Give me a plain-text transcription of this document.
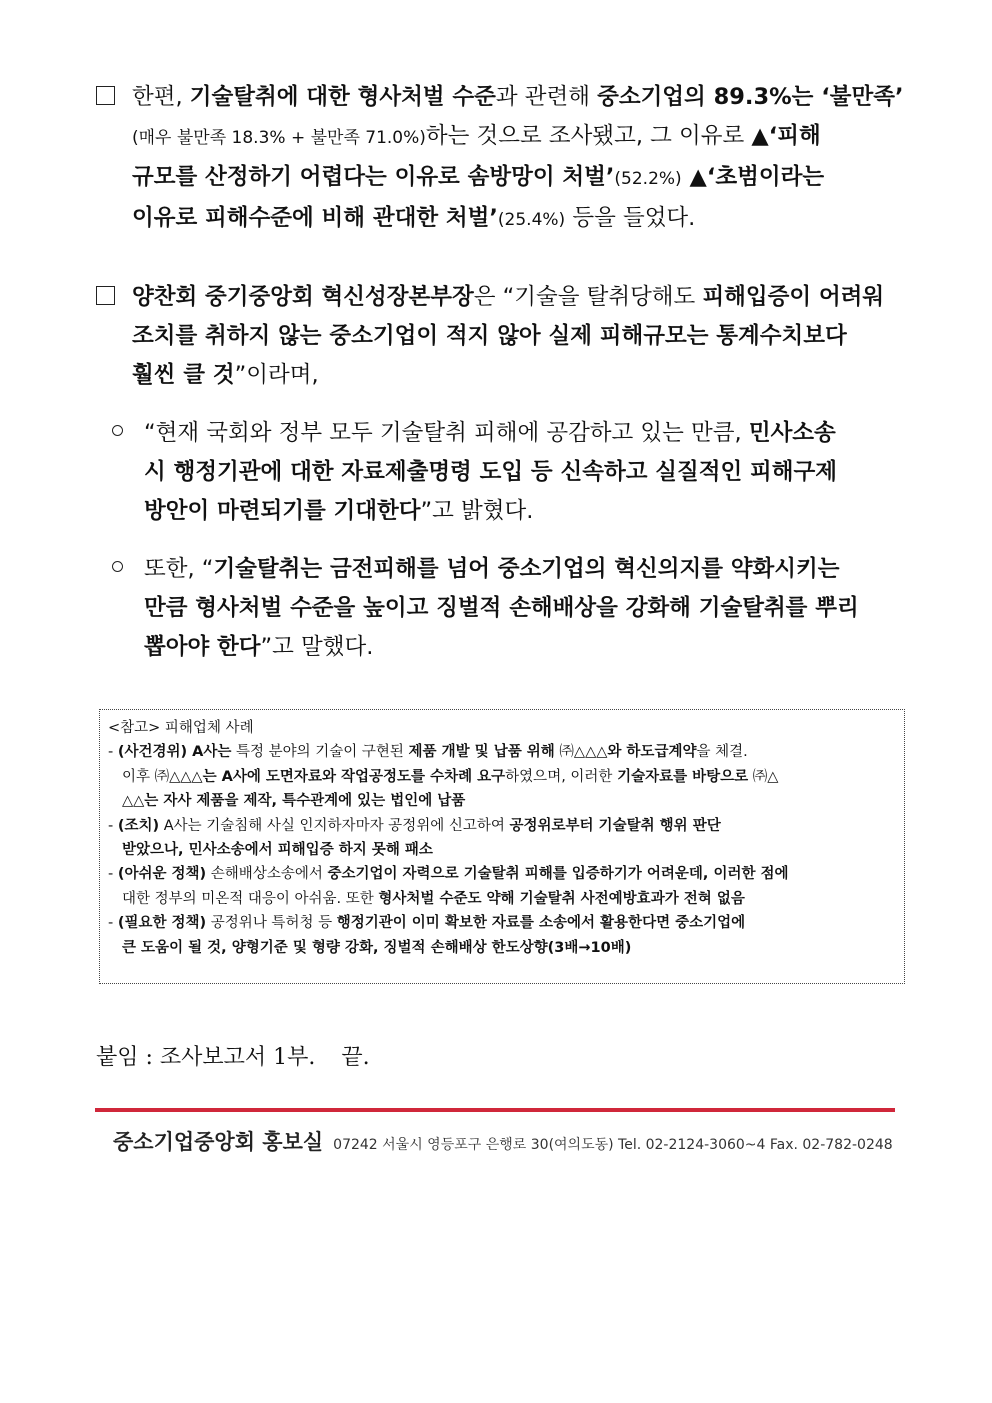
한편, 기술탈취에 대한 형사처벌 수준과 관련해 중소기업의 89.3%는 ‘불만족’
(매우 불만족 18.3% + 불만족 71.0%)하는 것으로 조사됐고, 그 이유로 ▲‘피해
규모를 산정하기 어렵다는 이유로 솜방망이 처벌’(52.2%) ▲‘초범이라는
이유로 피해수준에 비해 관대한 처벌’(25.4%) 등을 들었다.
양찬회 중기중앙회 혁신성장본부장은 “기술을 탈취당해도 피해입증이 어려워
조치를 취하지 않는 중소기업이 적지 않아 실제 피해규모는 통계수치보다
훨씬 클 것”이라며,
“현재 국회와 정부 모두 기술탈취 피해에 공감하고 있는 만큼, 민사소송
시 행정기관에 대한 자료제출명령 도입 등 신속하고 실질적인 피해구제
방안이 마련되기를 기대한다”고 밝혔다.
또한, “기술탈취는 금전피해를 넘어 중소기업의 혁신의지를 약화시키는
만큼 형사처벌 수준을 높이고 징벌적 손해배상을 강화해 기술탈취를 뿌리
뽑아야 한다”고 말했다.
<참고> 피해업체 사례
- (사건경위) A사는 특정 분야의 기술이 구현된 제품 개발 및 납품 위해 ㈜△△△와 하도급계약을 체결.
이후 ㈜△△△는 A사에 도면자료와 작업공정도를 수차례 요구하였으며, 이러한 기술자료를 바탕으로 ㈜△
△△는 자사 제품을 제작, 특수관계에 있는 법인에 납품
- (조치) A사는 기술침해 사실 인지하자마자 공정위에 신고하여 공정위로부터 기술탈취 행위 판단
받았으나, 민사소송에서 피해입증 하지 못해 패소
- (아쉬운 정책) 손해배상소송에서 중소기업이 자력으로 기술탈취 피해를 입증하기가 어려운데, 이러한 점에
대한 정부의 미온적 대응이 아쉬움. 또한 형사처벌 수준도 약해 기술탈취 사전예방효과가 전혀 없음
- (필요한 정책) 공정위나 특허청 등 행정기관이 이미 확보한 자료를 소송에서 활용한다면 중소기업에
큰 도움이 될 것, 양형기준 및 형량 강화, 징벌적 손해배상 한도상향(3배→10배)
붙임 : 조사보고서 1부. 끝.
중소기업중앙회 홍보실 07242 서울시 영등포구 은행로 30(여의도동) Tel. 02-2124-3060~4 Fax. 02-782-0248
